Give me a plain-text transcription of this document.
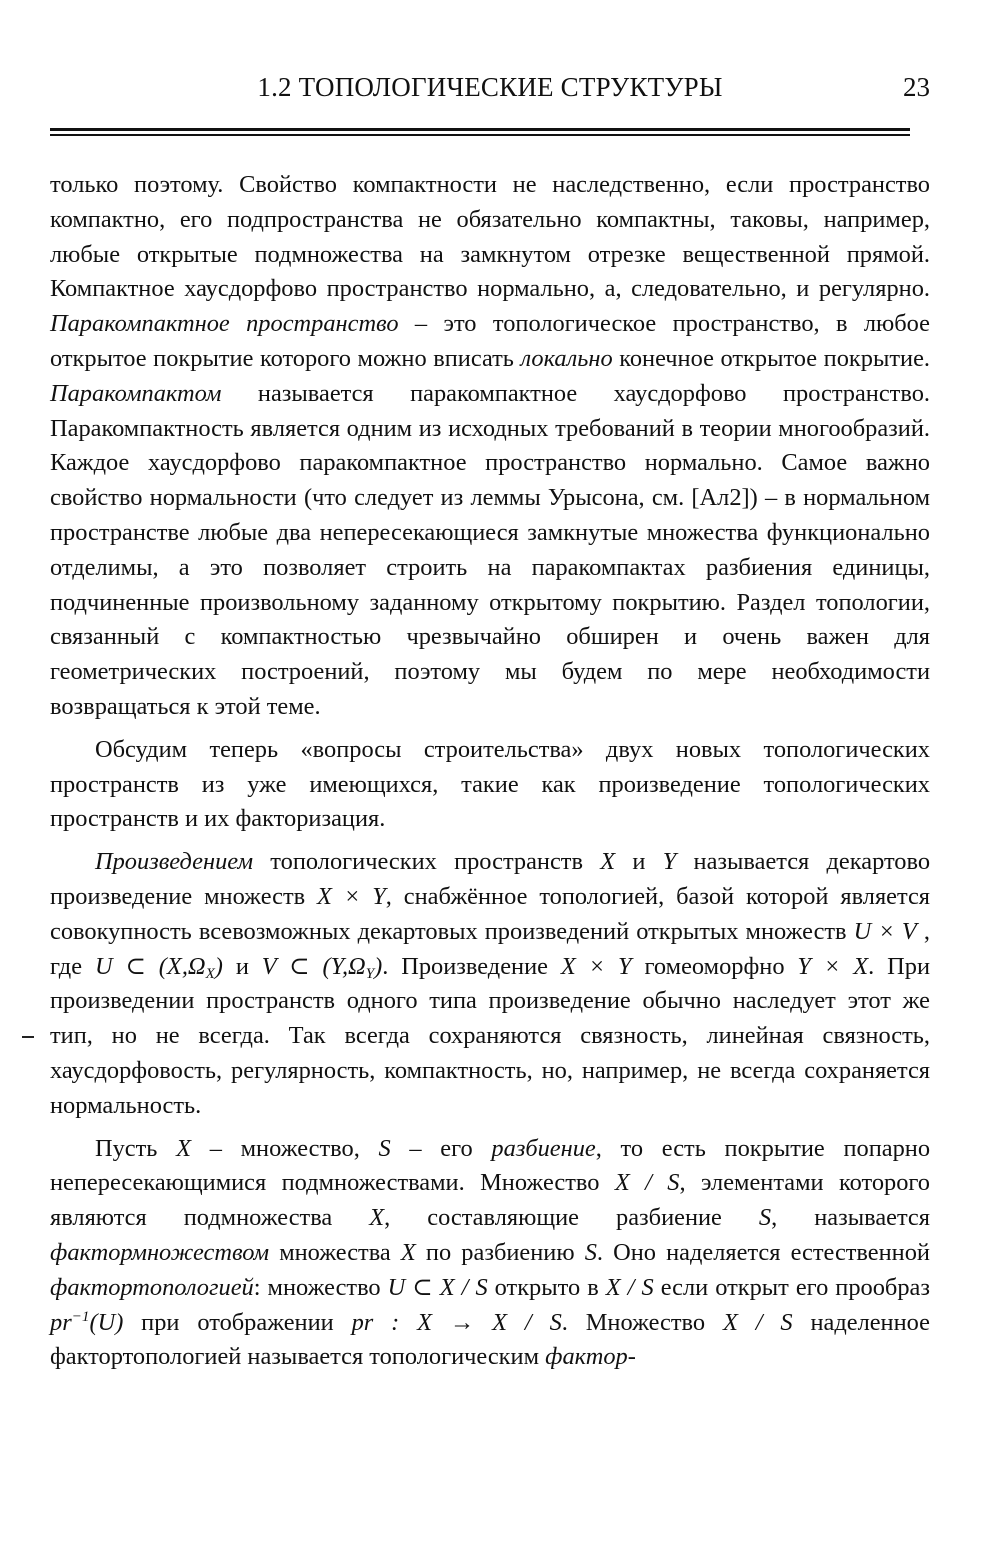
1.2 ТОПОЛОГИЧЕСКИЕ СТРУКТУРЫ	23

только поэтому. Свойство компактности не наследственно, если пространство компактно, его подпространства не обязательно компактны, таковы, например, любые открытые подмножества на замкнутом отрезке вещественной прямой. Компактное хаусдорфово пространство нормально, а, следовательно, и регулярно. Паракомпактное пространство – это топологическое пространство, в любое открытое покрытие которого можно вписать локально конечное открытое покрытие. Паракомпактом называется паракомпактное хаусдорфово пространство. Паракомпактность является одним из исходных требований в теории многообразий. Каждое хаусдорфово паракомпактное пространство нормально. Самое важно свойство нормальности (что следует из леммы Урысона, см. [Ал2]) – в нормальном пространстве любые два непересекающиеся замкнутые множества функционально отделимы, а это позволяет строить на паракомпактах разбиения единицы, подчиненные произвольному заданному открытому покрытию. Раздел топологии, связанный с компактностью чрезвычайно обширен и очень важен для геометрических построений, поэтому мы будем по мере необходимости возвращаться к этой теме.

Обсудим теперь «вопросы строительства» двух новых топологических пространств из уже имеющихся, такие как произведение топологических пространств и их факторизация.

Произведением топологических пространств X и Y называется декартово произведение множеств X × Y, снабжённое топологией, базой которой является совокупность всевозможных декартовых произведений открытых множеств U × V , где U ⊂ $(X,\Omega_X)$ и V ⊂ $(Y,\Omega_Y)$. Произведение X × Y гомеоморфно Y × X. При произведении пространств одного типа произведение обычно наследует этот же тип, но не всегда. Так всегда сохраняются связность, линейная связность, хаусдорфовость, регулярность, компактность, но, например, не всегда сохраняется нормальность.

Пусть X – множество, S – его разбиение, то есть покрытие попарно непересекающимися подмножествами. Множество X / S, элементами которого являются подмножества X, составляющие разбиение S, называется фактормножеством множества X по разбиению S. Оно наделяется естественной фактортопологией: множество U ⊂ X / S открыто в X / S если открыт его прообраз $pr^{-1}(U)$ при отображении pr : X → X / S. Множество X / S наделенное фактортопологией называется топологическим фактор-
